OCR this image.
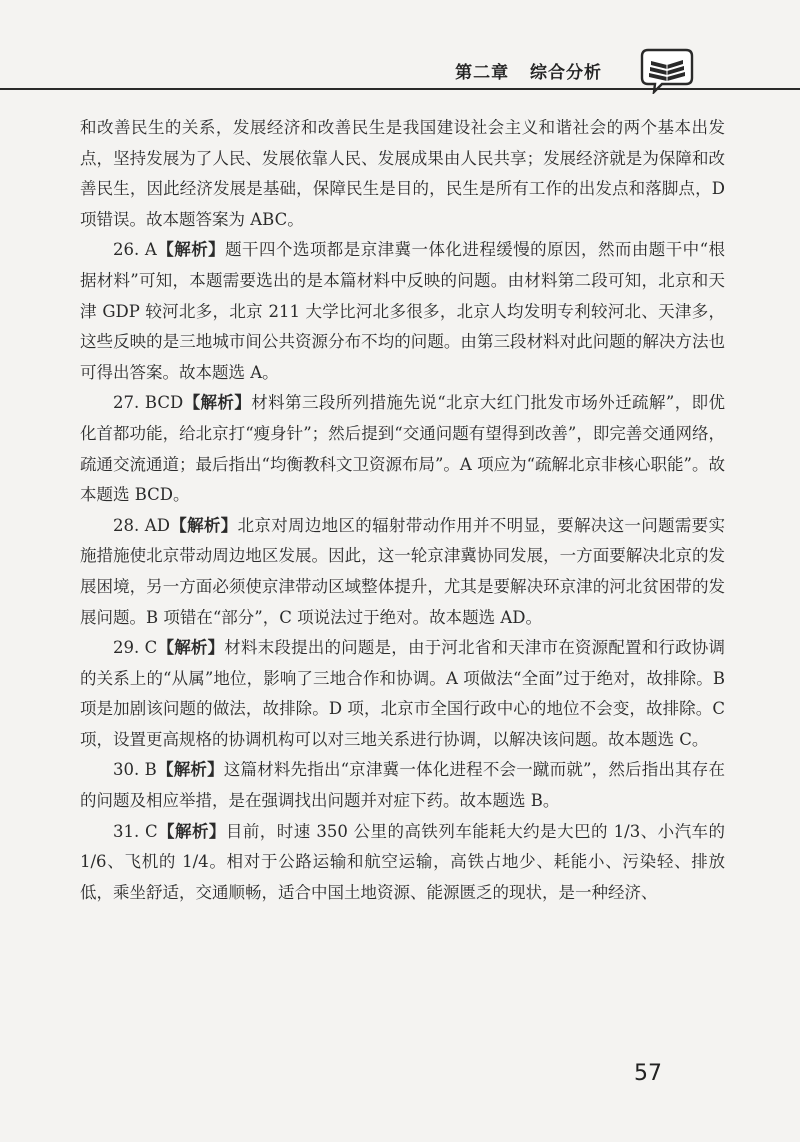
第二章 综合分析

和改善民生的关系，发展经济和改善民生是我国建设社会主义和谐社会的两个基本出发点，坚持发展为了人民、发展依靠人民、发展成果由人民共享；发展经济就是为保障和改善民生，因此经济发展是基础，保障民生是目的，民生是所有工作的出发点和落脚点，D 项错误。故本题答案为 ABC。

26. A【解析】题干四个选项都是京津冀一体化进程缓慢的原因，然而由题干中“根据材料”可知，本题需要选出的是本篇材料中反映的问题。由材料第二段可知，北京和天津 GDP 较河北多，北京 211 大学比河北多很多，北京人均发明专利较河北、天津多，这些反映的是三地城市间公共资源分布不均的问题。由第三段材料对此问题的解决方法也可得出答案。故本题选 A。

27. BCD【解析】材料第三段所列措施先说“北京大红门批发市场外迁疏解”，即优化首都功能，给北京打“瘦身针”；然后提到“交通问题有望得到改善”，即完善交通网络，疏通交流通道；最后指出“均衡教科文卫资源布局”。A 项应为“疏解北京非核心职能”。故本题选 BCD。

28. AD【解析】北京对周边地区的辐射带动作用并不明显，要解决这一问题需要实施措施使北京带动周边地区发展。因此，这一轮京津冀协同发展，一方面要解决北京的发展困境，另一方面必须使京津带动区域整体提升，尤其是要解决环京津的河北贫困带的发展问题。B 项错在“部分”，C 项说法过于绝对。故本题选 AD。

29. C【解析】材料末段提出的问题是，由于河北省和天津市在资源配置和行政协调的关系上的“从属”地位，影响了三地合作和协调。A 项做法“全面”过于绝对，故排除。B 项是加剧该问题的做法，故排除。D 项，北京市全国行政中心的地位不会变，故排除。C 项，设置更高规格的协调机构可以对三地关系进行协调，以解决该问题。故本题选 C。

30. B【解析】这篇材料先指出“京津冀一体化进程不会一蹴而就”，然后指出其存在的问题及相应举措，是在强调找出问题并对症下药。故本题选 B。

31. C【解析】目前，时速 350 公里的高铁列车能耗大约是大巴的 1/3、小汽车的 1/6、飞机的 1/4。相对于公路运输和航空运输，高铁占地少、耗能小、污染轻、排放低，乘坐舒适，交通顺畅，适合中国土地资源、能源匮乏的现状，是一种经济、

57
